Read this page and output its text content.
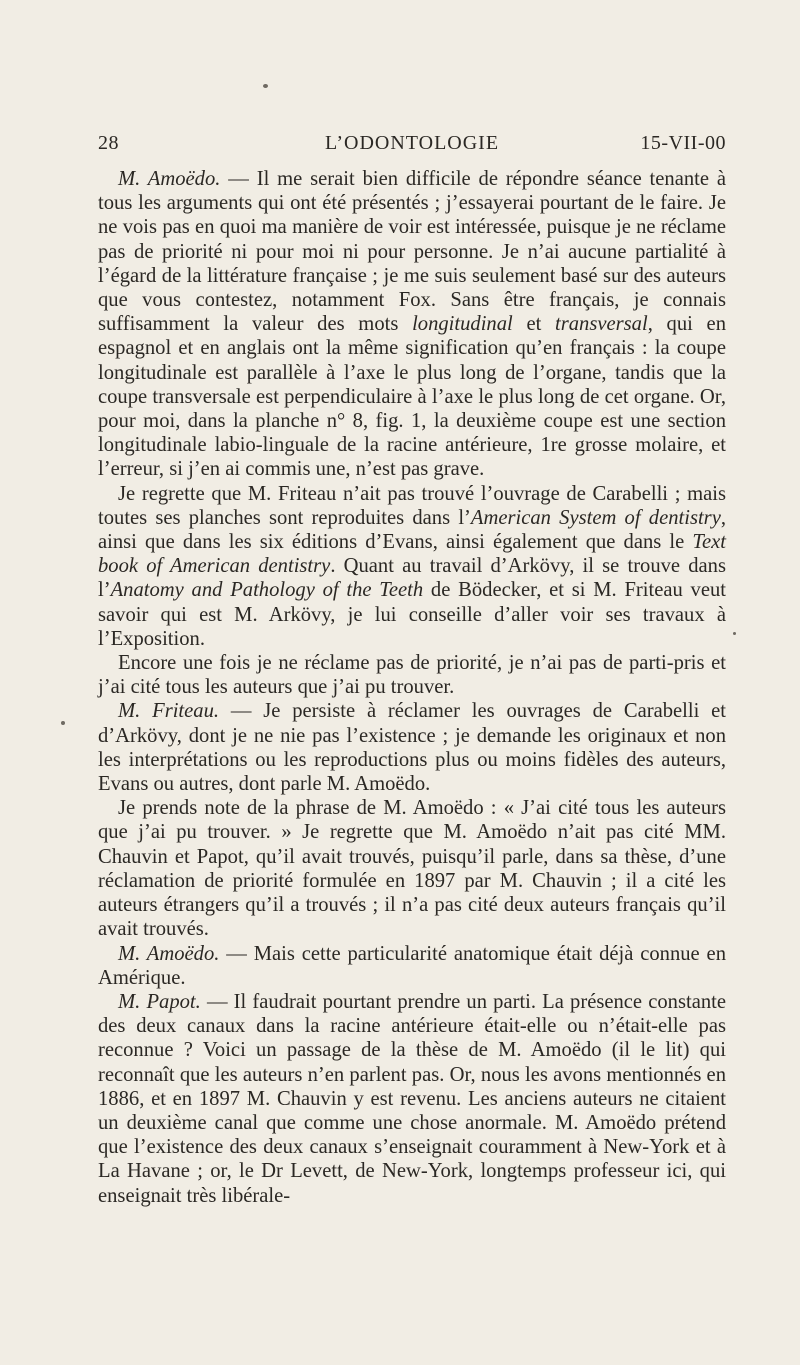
28	L’ODONTOLOGIE	15-VII-00

M. Amoëdo. — Il me serait bien difficile de répondre séance tenante à tous les arguments qui ont été présentés ; j’essayerai pourtant de le faire. Je ne vois pas en quoi ma manière de voir est intéressée, puisque je ne réclame pas de priorité ni pour moi ni pour personne. Je n’ai aucune partialité à l’égard de la littérature française ; je me suis seulement basé sur des auteurs que vous contestez, notamment Fox. Sans être français, je connais suffisamment la valeur des mots longitudinal et transversal, qui en espagnol et en anglais ont la même signification qu’en français : la coupe longitudinale est parallèle à l’axe le plus long de l’organe, tandis que la coupe transversale est perpendiculaire à l’axe le plus long de cet organe. Or, pour moi, dans la planche n° 8, fig. 1, la deuxième coupe est une section longitudinale labio-linguale de la racine antérieure, 1re grosse molaire, et l’erreur, si j’en ai commis une, n’est pas grave.

Je regrette que M. Friteau n’ait pas trouvé l’ouvrage de Carabelli ; mais toutes ses planches sont reproduites dans l’American System of dentistry, ainsi que dans les six éditions d’Evans, ainsi également que dans le Text book of American dentistry. Quant au travail d’Arkövy, il se trouve dans l’Anatomy and Pathology of the Teeth de Bödecker, et si M. Friteau veut savoir qui est M. Arkövy, je lui conseille d’aller voir ses travaux à l’Exposition.

Encore une fois je ne réclame pas de priorité, je n’ai pas de parti-pris et j’ai cité tous les auteurs que j’ai pu trouver.

M. Friteau. — Je persiste à réclamer les ouvrages de Carabelli et d’Arkövy, dont je ne nie pas l’existence ; je demande les originaux et non les interprétations ou les reproductions plus ou moins fidèles des auteurs, Evans ou autres, dont parle M. Amoëdo.

Je prends note de la phrase de M. Amoëdo : « J’ai cité tous les auteurs que j’ai pu trouver. » Je regrette que M. Amoëdo n’ait pas cité MM. Chauvin et Papot, qu’il avait trouvés, puisqu’il parle, dans sa thèse, d’une réclamation de priorité formulée en 1897 par M. Chauvin ; il a cité les auteurs étrangers qu’il a trouvés ; il n’a pas cité deux auteurs français qu’il avait trouvés.

M. Amoëdo. — Mais cette particularité anatomique était déjà connue en Amérique.

M. Papot. — Il faudrait pourtant prendre un parti. La présence constante des deux canaux dans la racine antérieure était-elle ou n’était-elle pas reconnue ? Voici un passage de la thèse de M. Amoëdo (il le lit) qui reconnaît que les auteurs n’en parlent pas. Or, nous les avons mentionnés en 1886, et en 1897 M. Chauvin y est revenu. Les anciens auteurs ne citaient un deuxième canal que comme une chose anormale. M. Amoëdo prétend que l’existence des deux canaux s’enseignait couramment à New-York et à La Havane ; or, le Dr Levett, de New-York, longtemps professeur ici, qui enseignait très libérale-
